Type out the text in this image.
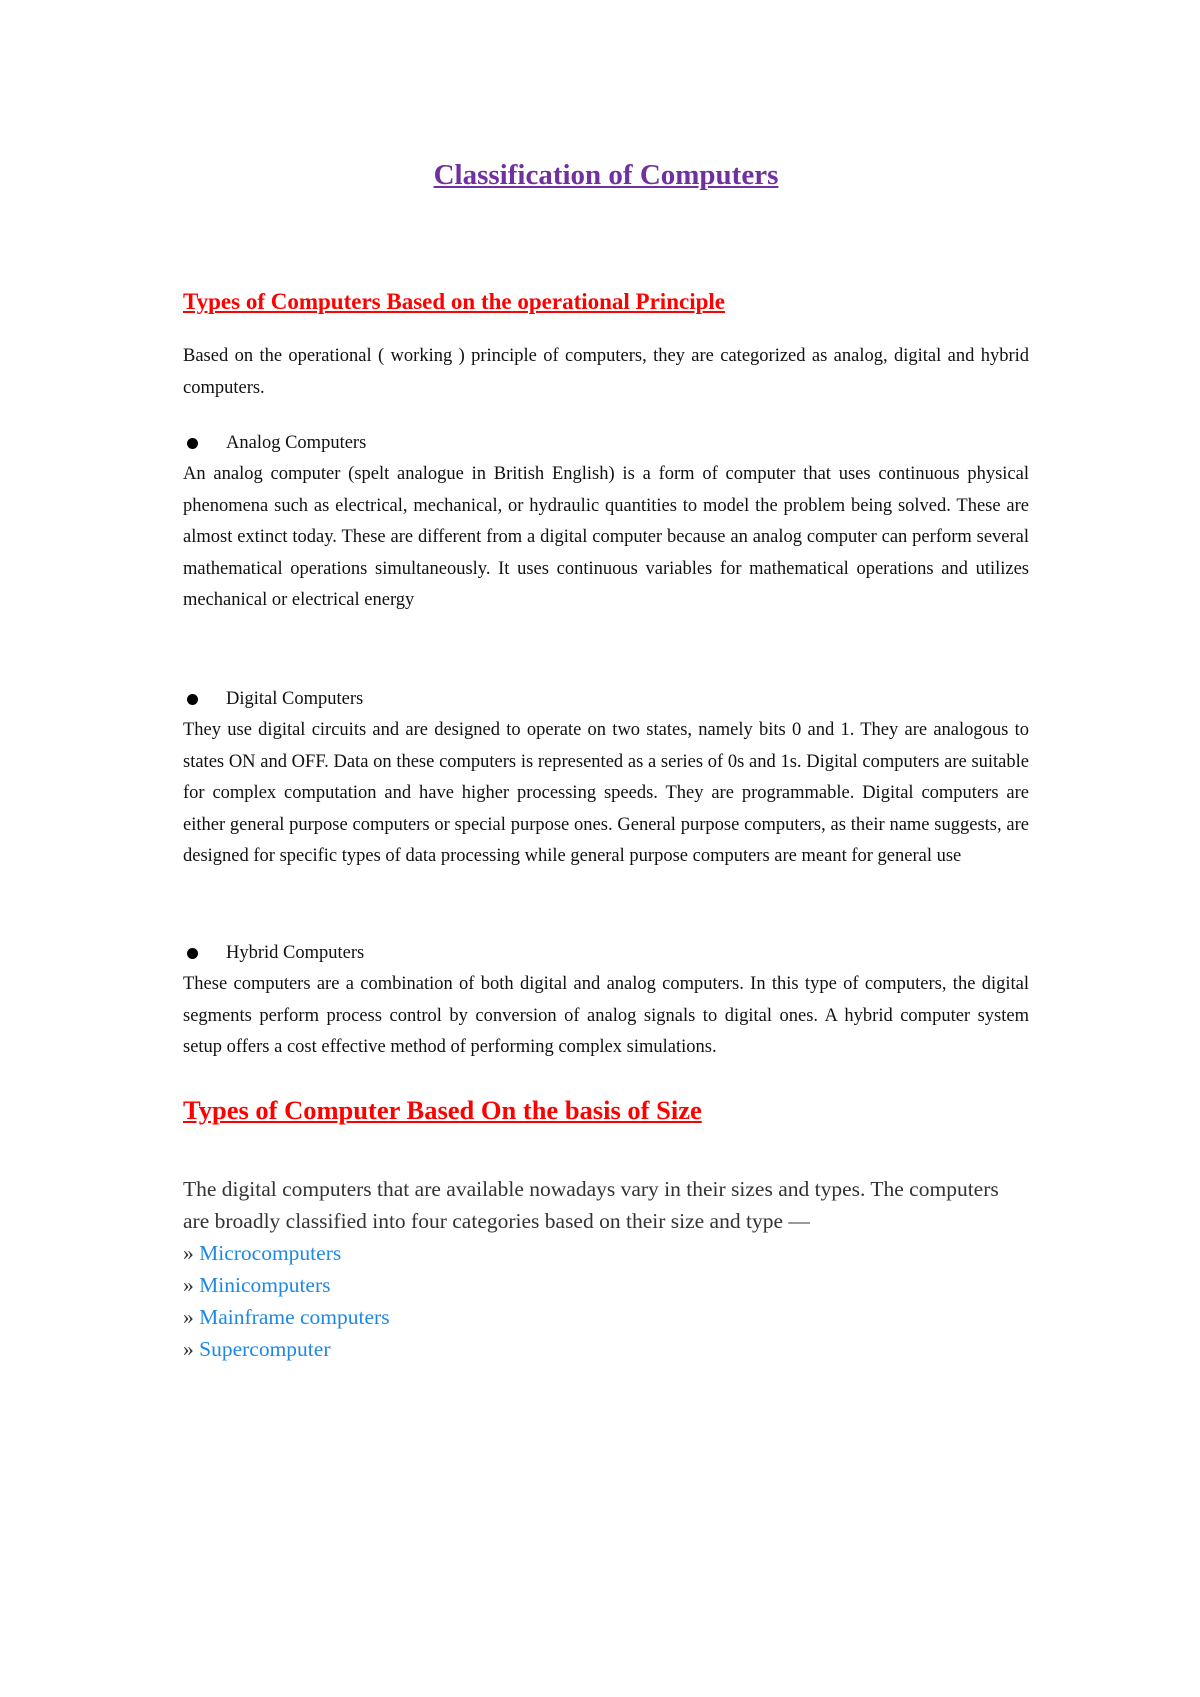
Classification of Computers
Types of Computers Based on the operational Principle

Based on the operational ( working ) principle of computers, they are categorized as analog, digital and hybrid computers.

Analog Computers

An analog computer (spelt analogue in British English) is a form of computer that uses continuous physical phenomena such as electrical, mechanical, or hydraulic quantities to model the problem being solved. These are almost extinct today. These are different from a digital computer because an analog computer can perform several mathematical operations simultaneously. It uses continuous variables for mathematical operations and utilizes mechanical or electrical energy

Digital Computers

They use digital circuits and are designed to operate on two states, namely bits 0 and 1. They are analogous to states ON and OFF. Data on these computers is represented as a series of 0s and 1s. Digital computers are suitable for complex computation and have higher processing speeds. They are programmable. Digital computers are either general purpose computers or special purpose ones. General purpose computers, as their name suggests, are designed for specific types of data processing while general purpose computers are meant for general use

Hybrid Computers

These computers are a combination of both digital and analog computers. In this type of computers, the digital segments perform process control by conversion of analog signals to digital ones. A hybrid computer system setup offers a cost effective method of performing complex simulations.

Types of Computer Based On the basis of Size

The digital computers that are available nowadays vary in their sizes and types. The computers are broadly classified into four categories based on their size and type —

» Microcomputers
» Minicomputers
» Mainframe computers
» Supercomputer
